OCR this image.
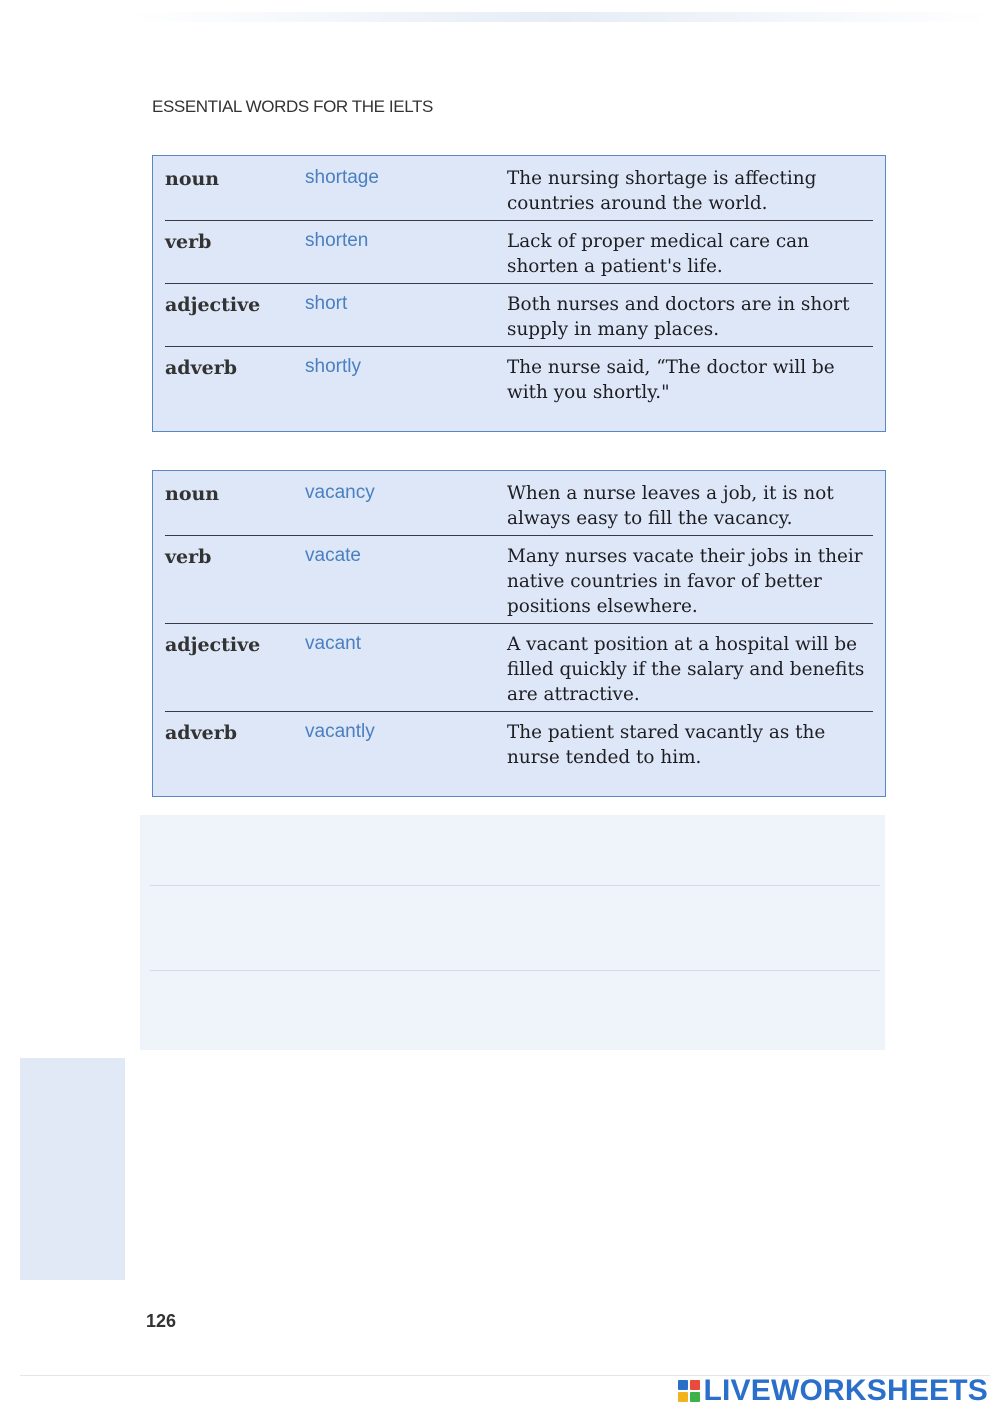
ESSENTIAL WORDS FOR THE IELTS
noun	shortage	The nursing shortage is affecting countries around the world.
verb	shorten	Lack of proper medical care can shorten a patient's life.
adjective	short	Both nurses and doctors are in short supply in many places.
adverb	shortly	The nurse said, “The doctor will be with you shortly."
noun	vacancy	When a nurse leaves a job, it is not always easy to fill the vacancy.
verb	vacate	Many nurses vacate their jobs in their native countries in favor of better positions elsewhere.
adjective	vacant	A vacant position at a hospital will be filled quickly if the salary and benefits are attractive.
adverb	vacantly	The patient stared vacantly as the nurse tended to him.
126
LIVEWORKSHEETS
